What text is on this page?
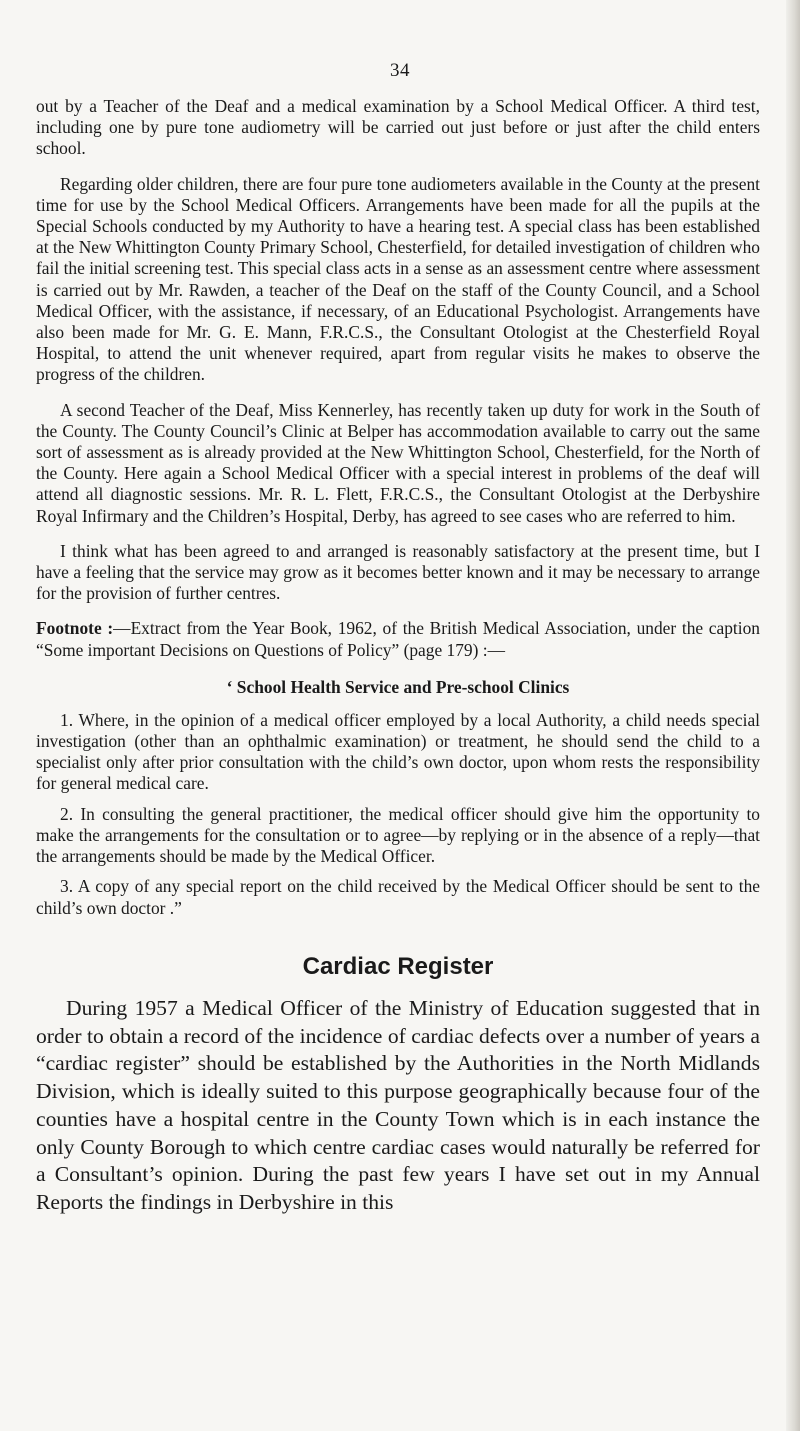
34

out by a Teacher of the Deaf and a medical examination by a School Medical Officer. A third test, including one by pure tone audiometry will be carried out just before or just after the child enters school.

Regarding older children, there are four pure tone audiometers available in the County at the present time for use by the School Medical Officers. Arrangements have been made for all the pupils at the Special Schools conducted by my Authority to have a hearing test. A special class has been established at the New Whittington County Primary School, Chesterfield, for detailed investigation of children who fail the initial screening test. This special class acts in a sense as an assessment centre where assessment is carried out by Mr. Rawden, a teacher of the Deaf on the staff of the County Council, and a School Medical Officer, with the assistance, if necessary, of an Educational Psychologist. Arrangements have also been made for Mr. G. E. Mann, F.R.C.S., the Consultant Otologist at the Chesterfield Royal Hospital, to attend the unit whenever required, apart from regular visits he makes to observe the progress of the children.

A second Teacher of the Deaf, Miss Kennerley, has recently taken up duty for work in the South of the County. The County Council’s Clinic at Belper has accommodation available to carry out the same sort of assessment as is already provided at the New Whittington School, Chesterfield, for the North of the County. Here again a School Medical Officer with a special interest in problems of the deaf will attend all diagnostic sessions. Mr. R. L. Flett, F.R.C.S., the Consultant Otologist at the Derbyshire Royal Infirmary and the Children’s Hospital, Derby, has agreed to see cases who are referred to him.

I think what has been agreed to and arranged is reasonably satisfactory at the present time, but I have a feeling that the service may grow as it becomes better known and it may be necessary to arrange for the provision of further centres.

Footnote :—Extract from the Year Book, 1962, of the British Medical Association, under the caption “Some important Decisions on Questions of Policy” (page 179) :—

‘ School Health Service and Pre-school Clinics

1. Where, in the opinion of a medical officer employed by a local Authority, a child needs special investigation (other than an ophthalmic examination) or treatment, he should send the child to a specialist only after prior consultation with the child’s own doctor, upon whom rests the responsibility for general medical care.

2. In consulting the general practitioner, the medical officer should give him the opportunity to make the arrangements for the consultation or to agree—by replying or in the absence of a reply—that the arrangements should be made by the Medical Officer.

3. A copy of any special report on the child received by the Medical Officer should be sent to the child’s own doctor .”

Cardiac Register

During 1957 a Medical Officer of the Ministry of Education suggested that in order to obtain a record of the incidence of cardiac defects over a number of years a “cardiac register” should be established by the Authorities in the North Midlands Division, which is ideally suited to this purpose geographically because four of the counties have a hospital centre in the County Town which is in each instance the only County Borough to which centre cardiac cases would naturally be referred for a Consultant’s opinion. During the past few years I have set out in my Annual Reports the findings in Derbyshire in this
